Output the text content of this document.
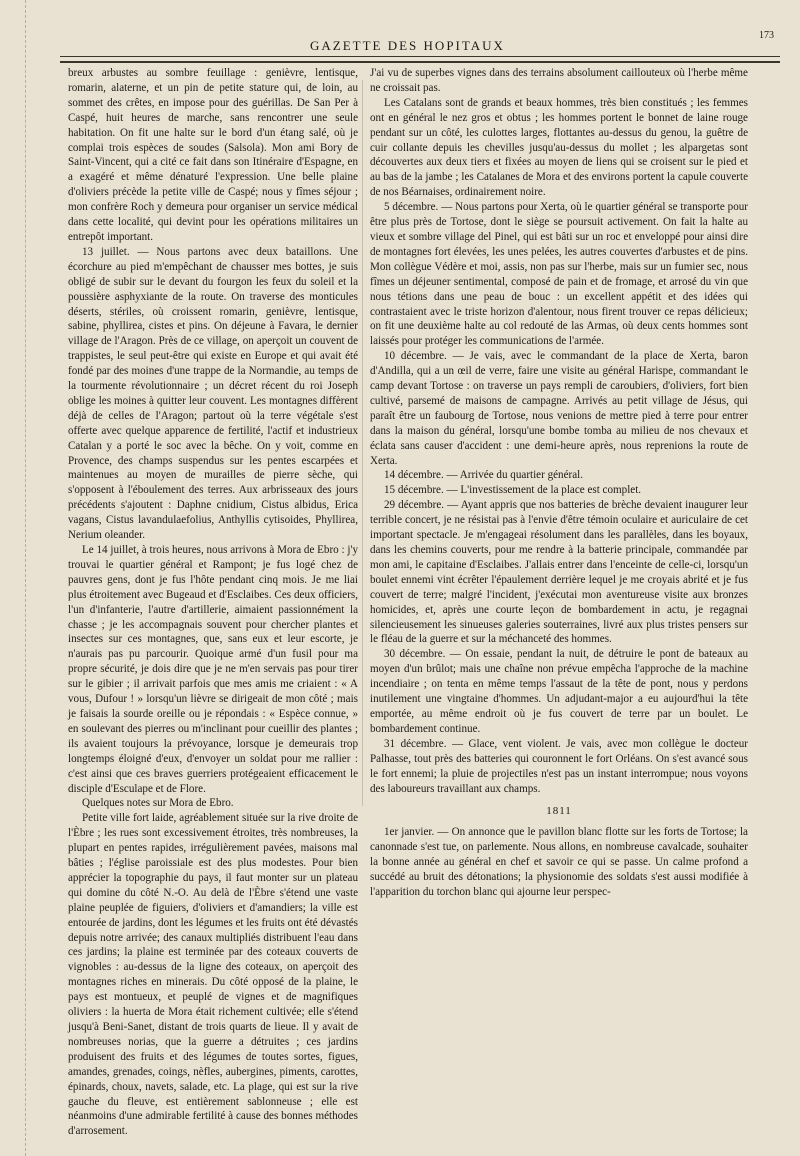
GAZETTE DES HOPITAUX
173

breux arbustes au sombre feuillage : genièvre, lentisque, romarin, alaterne, et un pin de petite stature qui, de loin, au sommet des crêtes, en impose pour des guérillas. De San Per à Caspé, huit heures de marche, sans rencontrer une seule habitation. On fit une halte sur le bord d'un étang salé, où je complai trois espèces de soudes (Salsola). Mon ami Bory de Saint-Vincent, qui a cité ce fait dans son Itinéraire d'Espagne, en a exagéré et même dénaturé l'expression. Une belle plaine d'oliviers précède la petite ville de Caspé; nous y fîmes séjour ; mon confrère Roch y demeura pour organiser un service médical dans cette localité, qui devint pour les opérations militaires un entrepôt important.

13 juillet. — Nous partons avec deux bataillons. Une écorchure au pied m'empêchant de chausser mes bottes, je suis obligé de subir sur le devant du fourgon les feux du soleil et la poussière asphyxiante de la route. On traverse des monticules déserts, stériles, où croissent romarin, genièvre, lentisque, sabine, phyllirea, cistes et pins. On déjeune à Favara, le dernier village de l'Aragon. Près de ce village, on aperçoit un couvent de trappistes, le seul peut-être qui existe en Europe et qui avait été fondé par des moines d'une trappe de la Normandie, au temps de la tourmente révolutionnaire ; un décret récent du roi Joseph oblige les moines à quitter leur couvent. Les montagnes diffèrent déjà de celles de l'Aragon; partout où la terre végétale s'est offerte avec quelque apparence de fertilité, l'actif et industrieux Catalan y a porté le soc avec la bêche. On y voit, comme en Provence, des champs suspendus sur les pentes escarpées et maintenues au moyen de murailles de pierre sèche, qui s'opposent à l'éboulement des terres. Aux arbrisseaux des jours précédents s'ajoutent : Daphne cnidium, Cistus albidus, Erica vagans, Cistus lavandulaefolius, Anthyllis cytisoides, Phyllirea, Nerium oleander.

Le 14 juillet, à trois heures, nous arrivons à Mora de Ebro : j'y trouvai le quartier général et Rampont; je fus logé chez de pauvres gens, dont je fus l'hôte pendant cinq mois. Je me liai plus étroitement avec Bugeaud et d'Esclaibes. Ces deux officiers, l'un d'infanterie, l'autre d'artillerie, aimaient passionnément la chasse ; je les accompagnais souvent pour chercher plantes et insectes sur ces montagnes, que, sans eux et leur escorte, je n'aurais pas pu parcourir. Quoique armé d'un fusil pour ma propre sécurité, je dois dire que je ne m'en servais pas pour tirer sur le gibier ; il arrivait parfois que mes amis me criaient : « A vous, Dufour ! » lorsqu'un lièvre se dirigeait de mon côté ; mais je faisais la sourde oreille ou je répondais : « Espèce connue, » en soulevant des pierres ou m'inclinant pour cueillir des plantes ; ils avaient toujours la prévoyance, lorsque je demeurais trop longtemps éloigné d'eux, d'envoyer un soldat pour me rallier : c'est ainsi que ces braves guerriers protégeaient efficacement le disciple d'Esculape et de Flore.

Quelques notes sur Mora de Ebro.

Petite ville fort laide, agréablement située sur la rive droite de l'Èbre ; les rues sont excessivement étroites, très nombreuses, la plupart en pentes rapides, irrégulièrement pavées, maisons mal bâties ; l'église paroissiale est des plus modestes. Pour bien apprécier la topographie du pays, il faut monter sur un plateau qui domine du côté N.-O. Au delà de l'Èbre s'étend une vaste plaine peuplée de figuiers, d'oliviers et d'amandiers; la ville est entourée de jardins, dont les légumes et les fruits ont été dévastés depuis notre arrivée; des canaux multipliés distribuent l'eau dans ces jardins; la plaine est terminée par des coteaux couverts de vignobles : au-dessus de la ligne des coteaux, on aperçoit des montagnes riches en minerais. Du côté opposé de la plaine, le pays est montueux, et peuplé de vignes et de magnifiques oliviers : la huerta de Mora était richement cultivée; elle s'étend jusqu'à Beni-Sanet, distant de trois quarts de lieue. Il y avait de nombreuses norias, que la guerre a détruites ; ces jardins produisent des fruits et des légumes de toutes sortes, figues, amandes, grenades, coings, nèfles, aubergines, piments, carottes, épinards, choux, navets, salade, etc. La plage, qui est sur la rive gauche du fleuve, est entièrement sablonneuse ; elle est néanmoins d'une admirable fertilité à cause des bonnes méthodes d'arrosement.

J'ai vu de superbes vignes dans des terrains absolument caillouteux où l'herbe même ne croissait pas.

Les Catalans sont de grands et beaux hommes, très bien constitués ; les femmes ont en général le nez gros et obtus ; les hommes portent le bonnet de laine rouge pendant sur un côté, les culottes larges, flottantes au-dessus du genou, la guêtre de cuir collante depuis les chevilles jusqu'au-dessus du mollet ; les alpargetas sont découvertes aux deux tiers et fixées au moyen de liens qui se croisent sur le pied et au bas de la jambe ; les Catalanes de Mora et des environs portent la capule couverte de nos Béarnaises, ordinairement noire.

5 décembre. — Nous partons pour Xerta, où le quartier général se transporte pour être plus près de Tortose, dont le siège se poursuit activement. On fait la halte au vieux et sombre village del Pinel, qui est bâti sur un roc et enveloppé pour ainsi dire de montagnes fort élevées, les unes pelées, les autres couvertes d'arbustes et de pins. Mon collègue Védère et moi, assis, non pas sur l'herbe, mais sur un fumier sec, nous fîmes un déjeuner sentimental, composé de pain et de fromage, et arrosé du vin que nous tétions dans une peau de bouc : un excellent appétit et des idées qui contrastaient avec le triste horizon d'alentour, nous firent trouver ce repas délicieux; on fit une deuxième halte au col redouté de las Armas, où deux cents hommes sont laissés pour protéger les communications de l'armée.

10 décembre. — Je vais, avec le commandant de la place de Xerta, baron d'Andilla, qui a un œil de verre, faire une visite au général Harispe, commandant le camp devant Tortose : on traverse un pays rempli de caroubiers, d'oliviers, fort bien cultivé, parsemé de maisons de campagne. Arrivés au petit village de Jésus, qui paraît être un faubourg de Tortose, nous venions de mettre pied à terre pour entrer dans la maison du général, lorsqu'une bombe tomba au milieu de nos chevaux et éclata sans causer d'accident : une demi-heure après, nous reprenions la route de Xerta.

14 décembre. — Arrivée du quartier général.

15 décembre. — L'investissement de la place est complet.

29 décembre. — Ayant appris que nos batteries de brèche devaient inaugurer leur terrible concert, je ne résistai pas à l'envie d'être témoin oculaire et auriculaire de cet important spectacle. Je m'engageai résolument dans les parallèles, dans les boyaux, dans les chemins couverts, pour me rendre à la batterie principale, commandée par mon ami, le capitaine d'Esclaibes. J'allais entrer dans l'enceinte de celle-ci, lorsqu'un boulet ennemi vint écrêter l'épaulement derrière lequel je me croyais abrité et je fus couvert de terre; malgré l'incident, j'exécutai mon aventureuse visite aux bronzes homicides, et, après une courte leçon de bombardement in actu, je regagnai silencieusement les sinueuses galeries souterraines, livré aux plus tristes pensers sur le fléau de la guerre et sur la méchanceté des hommes.

30 décembre. — On essaie, pendant la nuit, de détruire le pont de bateaux au moyen d'un brûlot; mais une chaîne non prévue empêcha l'approche de la machine incendiaire ; on tenta en même temps l'assaut de la tête de pont, nous y perdons inutilement une vingtaine d'hommes. Un adjudant-major a eu aujourd'hui la tête emportée, au même endroit où je fus couvert de terre par un boulet. Le bombardement continue.

31 décembre. — Glace, vent violent. Je vais, avec mon collègue le docteur Palhasse, tout près des batteries qui couronnent le fort Orléans. On s'est avancé sous le fort ennemi; la pluie de projectiles n'est pas un instant interrompue; nous voyons des laboureurs travaillant aux champs.

1811

1er janvier. — On annonce que le pavillon blanc flotte sur les forts de Tortose; la canonnade s'est tue, on parlemente. Nous allons, en nombreuse cavalcade, souhaiter la bonne année au général en chef et savoir ce qui se passe. Un calme profond a succédé au bruit des détonations; la physionomie des soldats s'est aussi modifiée à l'apparition du torchon blanc qui ajourne leur perspec-
